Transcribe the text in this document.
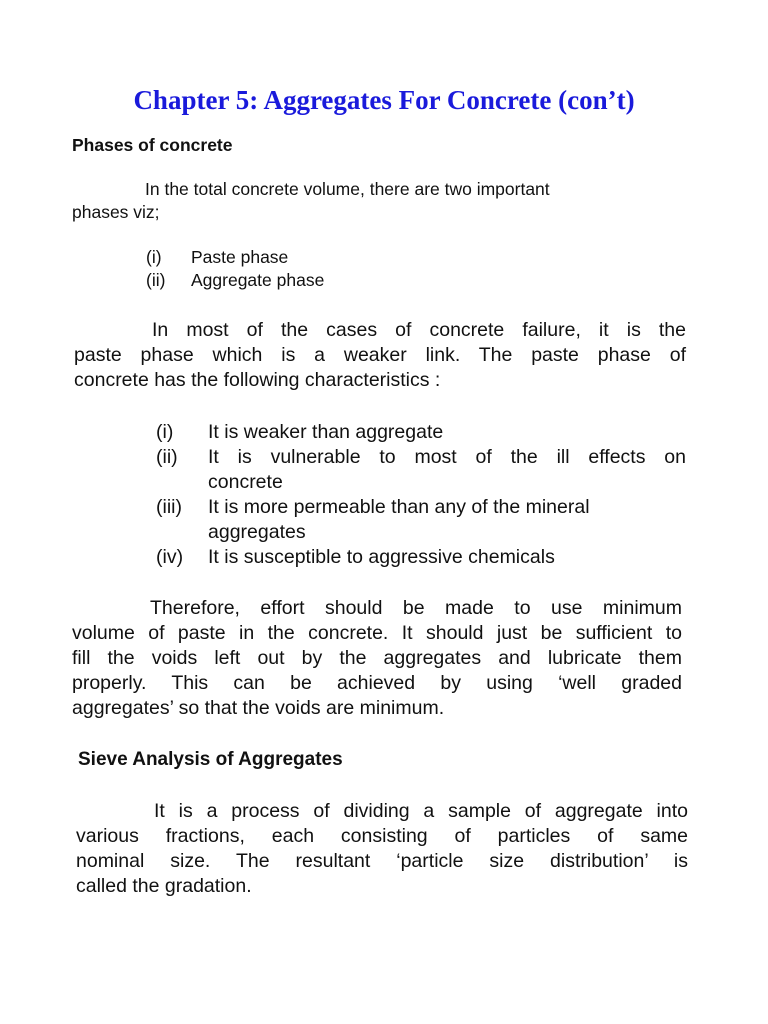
Chapter 5: Aggregates For Concrete (con’t)
Phases of concrete
In the total concrete volume, there are two important
phases viz;
(i)	Paste phase
(ii)	Aggregate phase
In most of the cases of concrete failure, it is the
paste phase which is a weaker link. The paste phase of
concrete has the following characteristics :
(i)	It is weaker than aggregate
(ii)	It is vulnerable to most of the ill effects on
concrete
(iii)	It is more permeable than any of the mineral
aggregates
(iv)	It is susceptible to aggressive chemicals
Therefore, effort should be made to use minimum
volume of paste in the concrete. It should just be sufficient to
fill the voids left out by the aggregates and lubricate them
properly. This can be achieved by using ‘well graded
aggregates’ so that the voids are minimum.
Sieve Analysis of Aggregates
It is a process of dividing a sample of aggregate into
various fractions, each consisting of particles of same
nominal size. The resultant ‘particle size distribution’ is
called the gradation.
